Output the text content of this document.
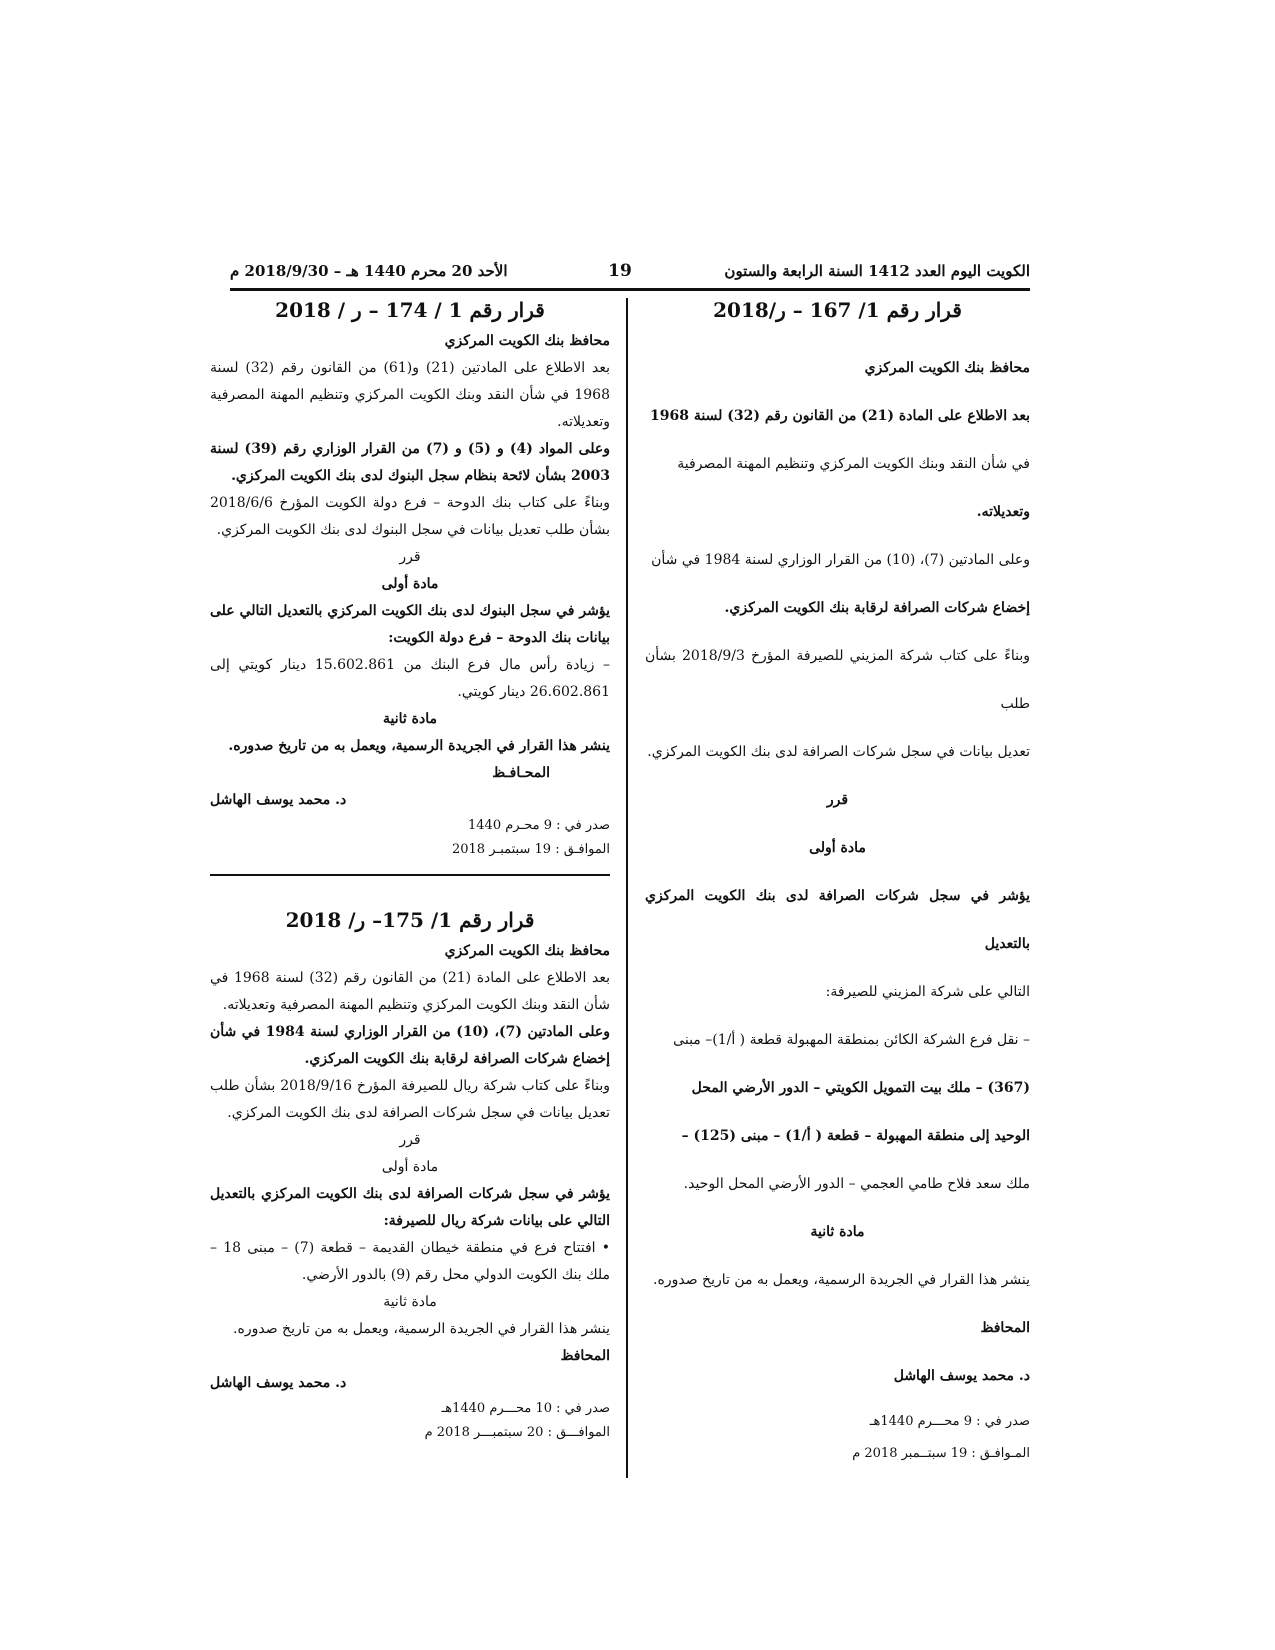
الكويت اليوم العدد 1412 السنة الرابعة والستون
19
الأحد 20 محرم 1440 هـ – 2018/9/30 م
قرار رقم 1/ 167 – ر/2018
محافظ بنك الكويت المركزي
بعد الاطلاع على المادة (21) من القانون رقم (32) لسنة 1968
في شأن النقد وبنك الكويت المركزي وتنظيم المهنة المصرفية
وتعديلاته.
وعلى المادتين (7)، (10) من القرار الوزاري لسنة 1984 في شأن
إخضاع شركات الصرافة لرقابة بنك الكويت المركزي.
وبناءً على كتاب شركة المزيني للصيرفة المؤرخ 2018/9/3 بشأن طلب
تعديل بيانات في سجل شركات الصرافة لدى بنك الكويت المركزي.
قرر
مادة أولى
يؤشر في سجل شركات الصرافة لدى بنك الكويت المركزي بالتعديل
التالي على شركة المزيني للصيرفة:
– نقل فرع الشركة الكائن بمنطقة المهبولة قطعة ( أ/1)– مبنى
(367) – ملك بيت التمويل الكويتي – الدور الأرضي المحل
الوحيد إلى منطقة المهبولة – قطعة ( أ/1) – مبنى (125) –
ملك سعد فلاح طامي العجمي – الدور الأرضي المحل الوحيد.
مادة ثانية
ينشر هذا القرار في الجريدة الرسمية، ويعمل به من تاريخ صدوره.
المحافظ
د. محمد يوسف الهاشل
صدر في : 9 محـــرم 1440هـ
المـوافـق : 19 سبتــمبر 2018 م
قرار رقم 1 / 174 – ر / 2018
محافظ بنك الكويت المركزي
بعد الاطلاع على المادتين (21) و(61) من القانون رقم (32) لسنة 1968 في شأن النقد وبنك الكويت المركزي وتنظيم المهنة المصرفية وتعديلاته.
وعلى المواد (4) و (5) و (7) من القرار الوزاري رقم (39) لسنة 2003 بشأن لائحة بنظام سجل البنوك لدى بنك الكويت المركزي.
وبناءً على كتاب بنك الدوحة – فرع دولة الكويت المؤرخ 2018/6/6 بشأن طلب تعديل بيانات في سجل البنوك لدى بنك الكويت المركزي.
قرر
مادة أولى
يؤشر في سجل البنوك لدى بنك الكويت المركزي بالتعديل التالي على بيانات بنك الدوحة – فرع دولة الكويت:
– زيادة رأس مال فرع البنك من 15.602.861 دينار كويتي إلى 26.602.861 دينار كويتي.
مادة ثانية
ينشر هذا القرار في الجريدة الرسمية، ويعمل به من تاريخ صدوره.
المحـافـظ
د. محمد يوسف الهاشل
صدر في : 9 محـرم 1440
الموافـق : 19 سبتمبـر 2018
قرار رقم 1/ 175– ر/ 2018
محافظ بنك الكويت المركزي
بعد الاطلاع على المادة (21) من القانون رقم (32) لسنة 1968 في شأن النقد وبنك الكويت المركزي وتنظيم المهنة المصرفية وتعديلاته.
وعلى المادتين (7)، (10) من القرار الوزاري لسنة 1984 في شأن إخضاع شركات الصرافة لرقابة بنك الكويت المركزي.
وبناءً على كتاب شركة ريال للصيرفة المؤرخ 2018/9/16 بشأن طلب تعديل بيانات في سجل شركات الصرافة لدى بنك الكويت المركزي.
قرر
مادة أولى
يؤشر في سجل شركات الصرافة لدى بنك الكويت المركزي بالتعديل التالي على بيانات شركة ريال للصيرفة:
• افتتاح فرع في منطقة خيطان القديمة – قطعة (7) – مبنى 18 – ملك بنك الكويت الدولي محل رقم (9) بالدور الأرضي.
مادة ثانية
ينشر هذا القرار في الجريدة الرسمية، ويعمل به من تاريخ صدوره.
المحافظ
د. محمد يوسف الهاشل
صدر في : 10 محـــرم 1440هـ
الموافـــق : 20 سبتمبـــر 2018 م
